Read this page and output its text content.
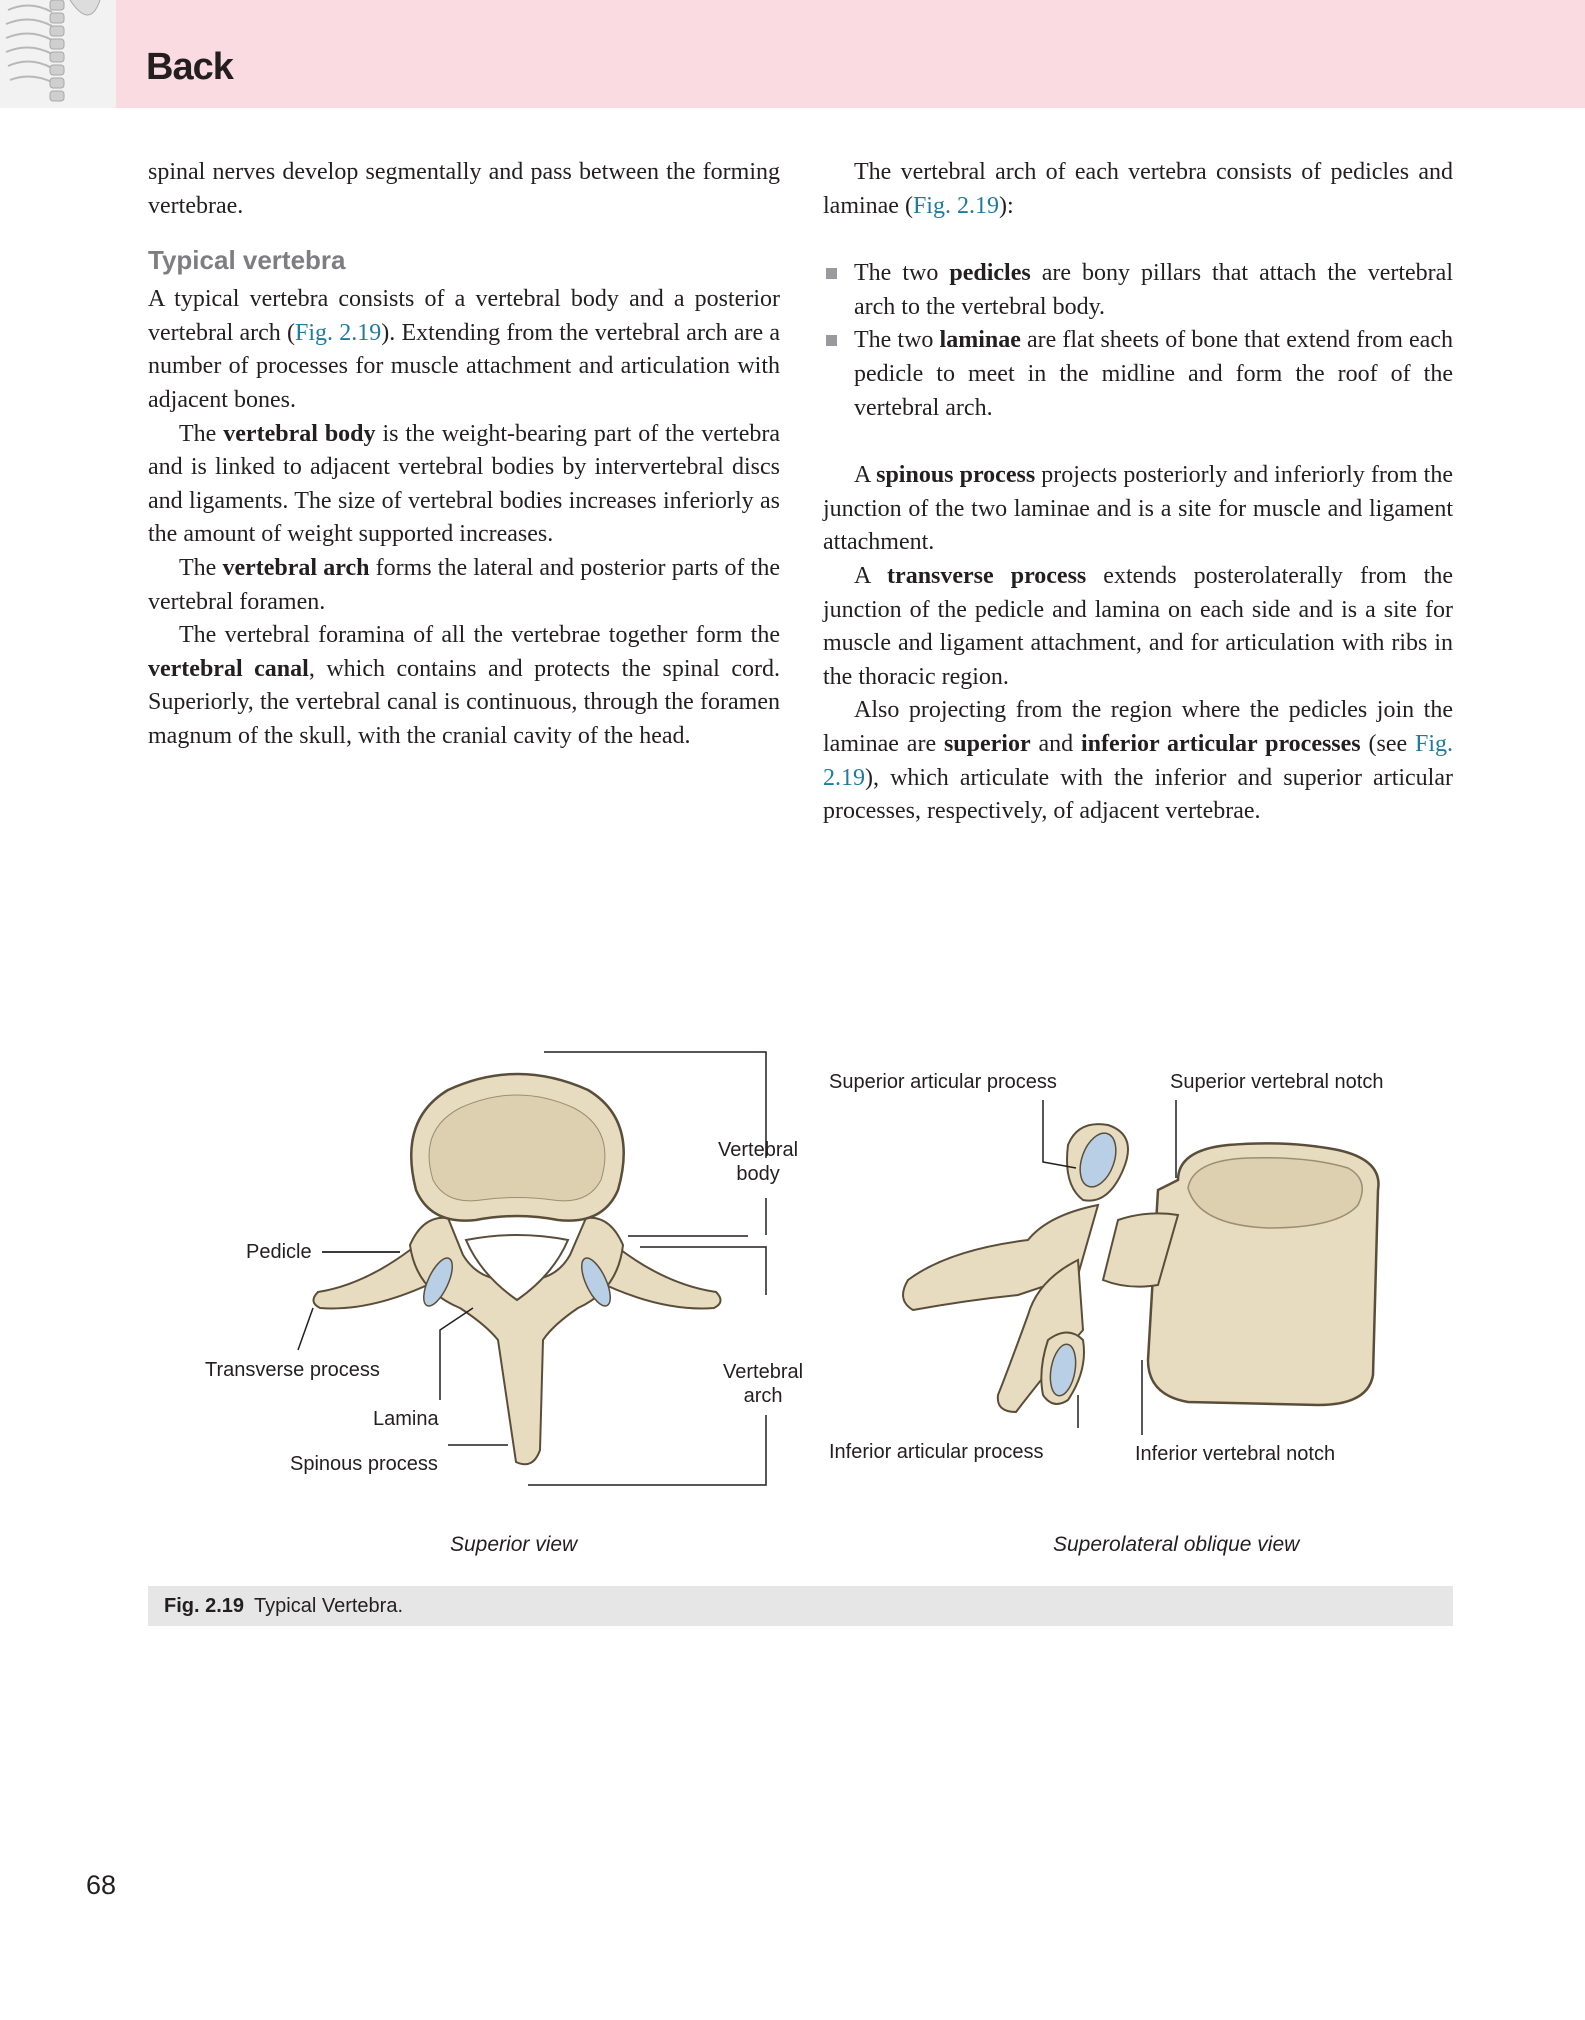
Back

spinal nerves develop segmentally and pass between the forming vertebrae.

Typical vertebra

A typical vertebra consists of a vertebral body and a posterior vertebral arch (Fig. 2.19). Extending from the vertebral arch are a number of processes for muscle attachment and articulation with adjacent bones.

The vertebral body is the weight-bearing part of the vertebra and is linked to adjacent vertebral bodies by intervertebral discs and ligaments. The size of vertebral bodies increases inferiorly as the amount of weight supported increases.

The vertebral arch forms the lateral and posterior parts of the vertebral foramen.

The vertebral foramina of all the vertebrae together form the vertebral canal, which contains and protects the spinal cord. Superiorly, the vertebral canal is continuous, through the foramen magnum of the skull, with the cranial cavity of the head.

The vertebral arch of each vertebra consists of pedicles and laminae (Fig. 2.19):

The two pedicles are bony pillars that attach the vertebral arch to the vertebral body.
The two laminae are flat sheets of bone that extend from each pedicle to meet in the midline and form the roof of the vertebral arch.

A spinous process projects posteriorly and inferiorly from the junction of the two laminae and is a site for muscle and ligament attachment.

A transverse process extends posterolaterally from the junction of the pedicle and lamina on each side and is a site for muscle and ligament attachment, and for articulation with ribs in the thoracic region.

Also projecting from the region where the pedicles join the laminae are superior and inferior articular processes (see Fig. 2.19), which articulate with the inferior and superior articular processes, respectively, of adjacent vertebrae.

Vertebral
body
Pedicle
Transverse process
Lamina
Spinous process
Vertebral
arch
Superior articular process	Superior vertebral notch
Inferior articular process	Inferior vertebral notch
Superior view	Superolateral oblique view
Fig. 2.19 Typical Vertebra.
68
